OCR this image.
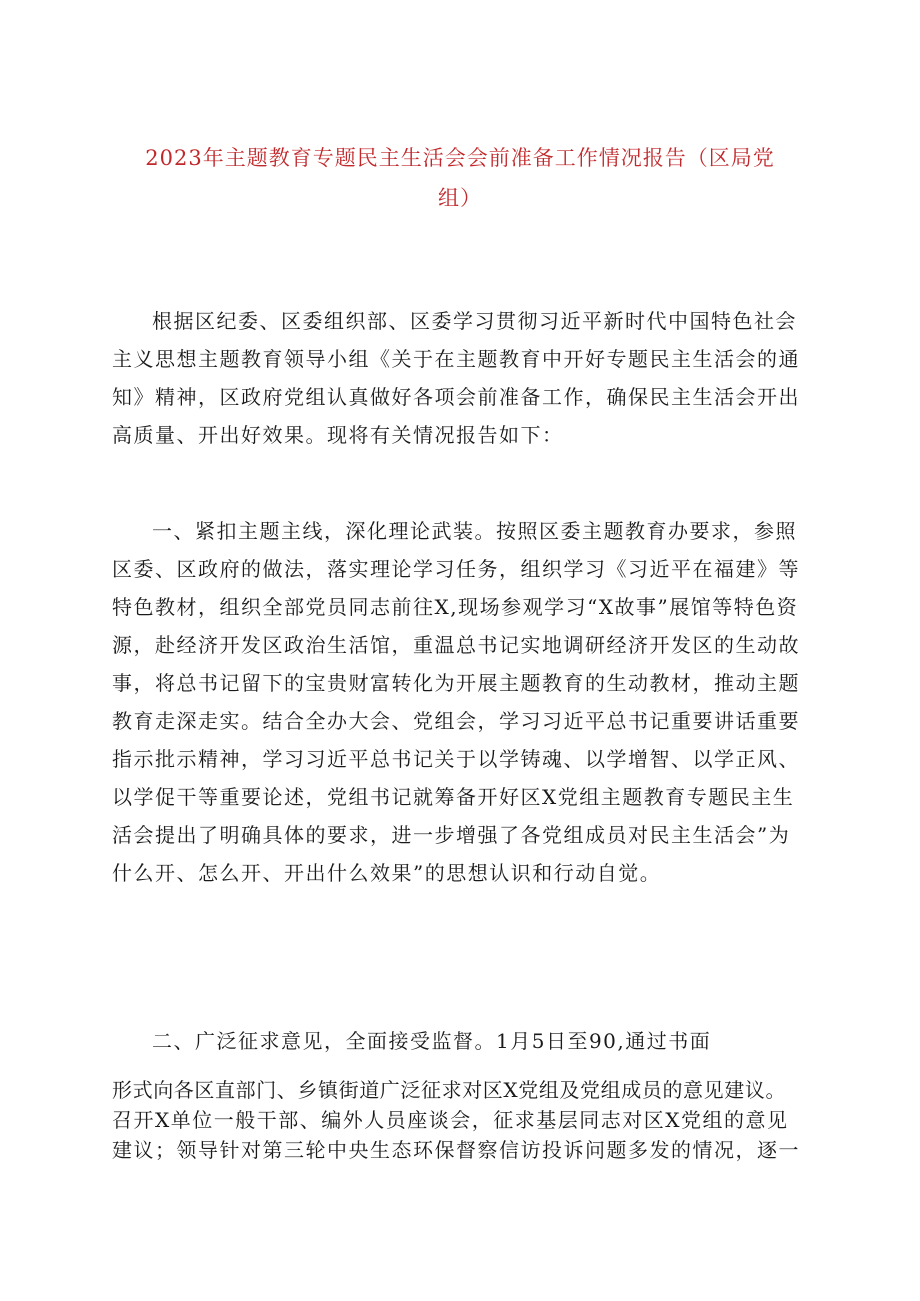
根据区纪委、区委组织部、区委学习贯彻习近平新时代中国特色社会
主义思想主题教育领导小组《关于在主题教育中开好专题民主生活会的通
知》精神，区政府党组认真做好各项会前准备工作，确保民主生活会开出
高质量、开出好效果。现将有关情况报告如下：
一、紧扣主题主线，深化理论武装。按照区委主题教育办要求，参照
区委、区政府的做法，落实理论学习任务，组织学习《习近平在福建》等
特色教材，组织全部党员同志前往X,现场参观学习“X故事”展馆等特色资
源，赴经济开发区政治生活馆，重温总书记实地调研经济开发区的生动故
事，将总书记留下的宝贵财富转化为开展主题教育的生动教材，推动主题
教育走深走实。结合全办大会、党组会，学习习近平总书记重要讲话重要
指示批示精神，学习习近平总书记关于以学铸魂、以学增智、以学正风、
以学促干等重要论述，党组书记就筹备开好区X党组主题教育专题民主生
活会提出了明确具体的要求，进一步增强了各党组成员对民主生活会”为
什么开、怎么开、开出什么效果”的思想认识和行动自觉。
二、广泛征求意见，全面接受监督。1月5日至90,通过书面
形式向各区直部门、乡镇街道广泛征求对区X党组及党组成员的意见建议。
召开X单位一般干部、编外人员座谈会，征求基层同志对区X党组的意见
建议；领导针对第三轮中央生态环保督察信访投诉问题多发的情况，逐一
2023年主题教育专题民主生活会会前准备工作情况报告（区局党
组）
